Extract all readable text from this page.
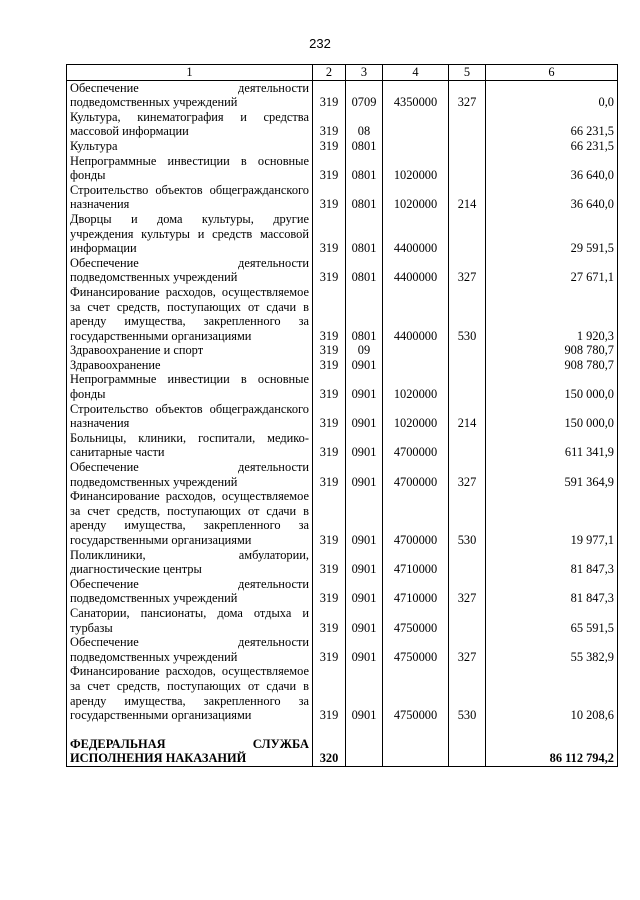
232
1	2	3	4	5	6
Обеспечение деятельности подведомственных учреждений	319	0709	4350000	327	0,0
Культура, кинематография и средства массовой информации	319	08			66 231,5
Культура	319	0801			66 231,5
Непрограммные инвестиции в основные фонды	319	0801	1020000		36 640,0
Строительство объектов общегражданского назначения	319	0801	1020000	214	36 640,0
Дворцы и дома культуры, другие учреждения культуры и средств массовой информации	319	0801	4400000		29 591,5
Обеспечение деятельности подведомственных учреждений	319	0801	4400000	327	27 671,1
Финансирование расходов, осуществляемое за счет средств, поступающих от сдачи в аренду имущества, закрепленного за государственными организациями	319	0801	4400000	530	1 920,3
Здравоохранение и спорт	319	09			908 780,7
Здравоохранение	319	0901			908 780,7
Непрограммные инвестиции в основные фонды	319	0901	1020000		150 000,0
Строительство объектов общегражданского назначения	319	0901	1020000	214	150 000,0
Больницы, клиники, госпитали, медико-санитарные части	319	0901	4700000		611 341,9
Обеспечение деятельности подведомственных учреждений	319	0901	4700000	327	591 364,9
Финансирование расходов, осуществляемое за счет средств, поступающих от сдачи в аренду имущества, закрепленного за государственными организациями	319	0901	4700000	530	19 977,1
Поликлиники, амбулатории, диагностические центры	319	0901	4710000		81 847,3
Обеспечение деятельности подведомственных учреждений	319	0901	4710000	327	81 847,3
Санатории, пансионаты, дома отдыха и турбазы	319	0901	4750000		65 591,5
Обеспечение деятельности подведомственных учреждений	319	0901	4750000	327	55 382,9
Финансирование расходов, осуществляемое за счет средств, поступающих от сдачи в аренду имущества, закрепленного за государственными организациями	319	0901	4750000	530	10 208,6

ФЕДЕРАЛЬНАЯ СЛУЖБА ИСПОЛНЕНИЯ НАКАЗАНИЙ	320				86 112 794,2
